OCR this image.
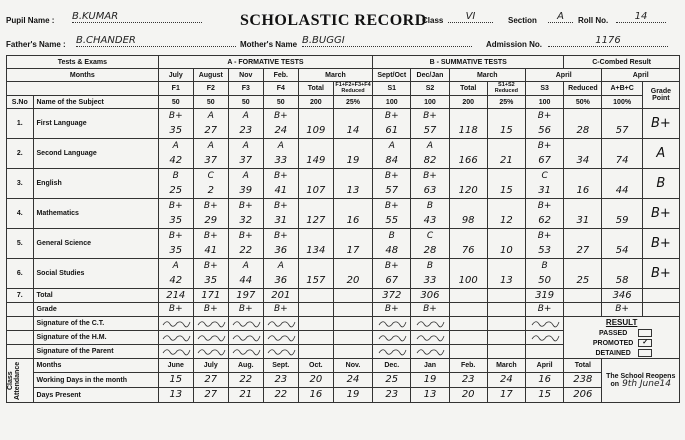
Pupil Name : B.KUMAR	SCHOLASTIC RECORD
Class	VI	Section	A	Roll No.	14
Father's Name : B.CHANDER	Mother's Name B.BUGGI	Admission No.	1176
Tests & Exams		A - FORMATIVE TESTS						B - SUMMATIVE TESTS					C-Combed Result		
Months		July	August	Nov	Feb.	March		Sept/Oct	Dec/Jan	March		April		April	
		F1	F2	F3	F4	Total	F1+F2+F3+F4 Reduced	S1	S2	Total	S1+S2 Reduced	S3	Reduced	A+B+C	Grade Point
S.No	Name of the Subject	50	50	50	50	200	25%	100	100	200	25%	100	50%	100%	
1.	First Language	B+	A	A	B+			B+	B+			B+			B+
		35	27	23	24	109	14	61	57	118	15	56	28	57	
2.	Second Language	A	A	A	A			A	A			B+			A
		42	37	37	33	149	19	84	82	166	21	67	34	74	
3.	English	B	C	A	B+			B+	B+			C			B
		25	2	39	41	107	13	57	63	120	15	31	16	44	
4.	Mathematics	B+	B+	B+	B+			B+	B			B+			B+
		35	29	32	31	127	16	55	43	98	12	62	31	59	
5.	General Science	B+	B+	B+	B+			B	C			B+			B+
		35	41	22	36	134	17	48	28	76	10	53	27	54	
6.	Social Studies	A	B+	A	A			B+	B			B			B+
		42	35	44	36	157	20	67	33	100	13	50	25	58	
7.	Total	214	171	197	201			372	306			319		346	
	Grade	B+	B+	B+	B+			B+	B+			B+		B+	
	Signature of the C.T.												RESULT
PASSED
PROMOTED ✓
DETAINED		

	Signature of the H.M.											
	Signature of the Parent											

Class Attendance	Months	June	July	Aug.	Sept.	Oct.	Nov.	Dec.	Jan	Feb.	March	April	Total	The School Reopens
on 9th June14	

	Working Days in the month	15	27	22	23	20	24	25	19	23	24	16	238		
	Days Present	13	27	21	22	16	19	23	13	20	17	15	206		
